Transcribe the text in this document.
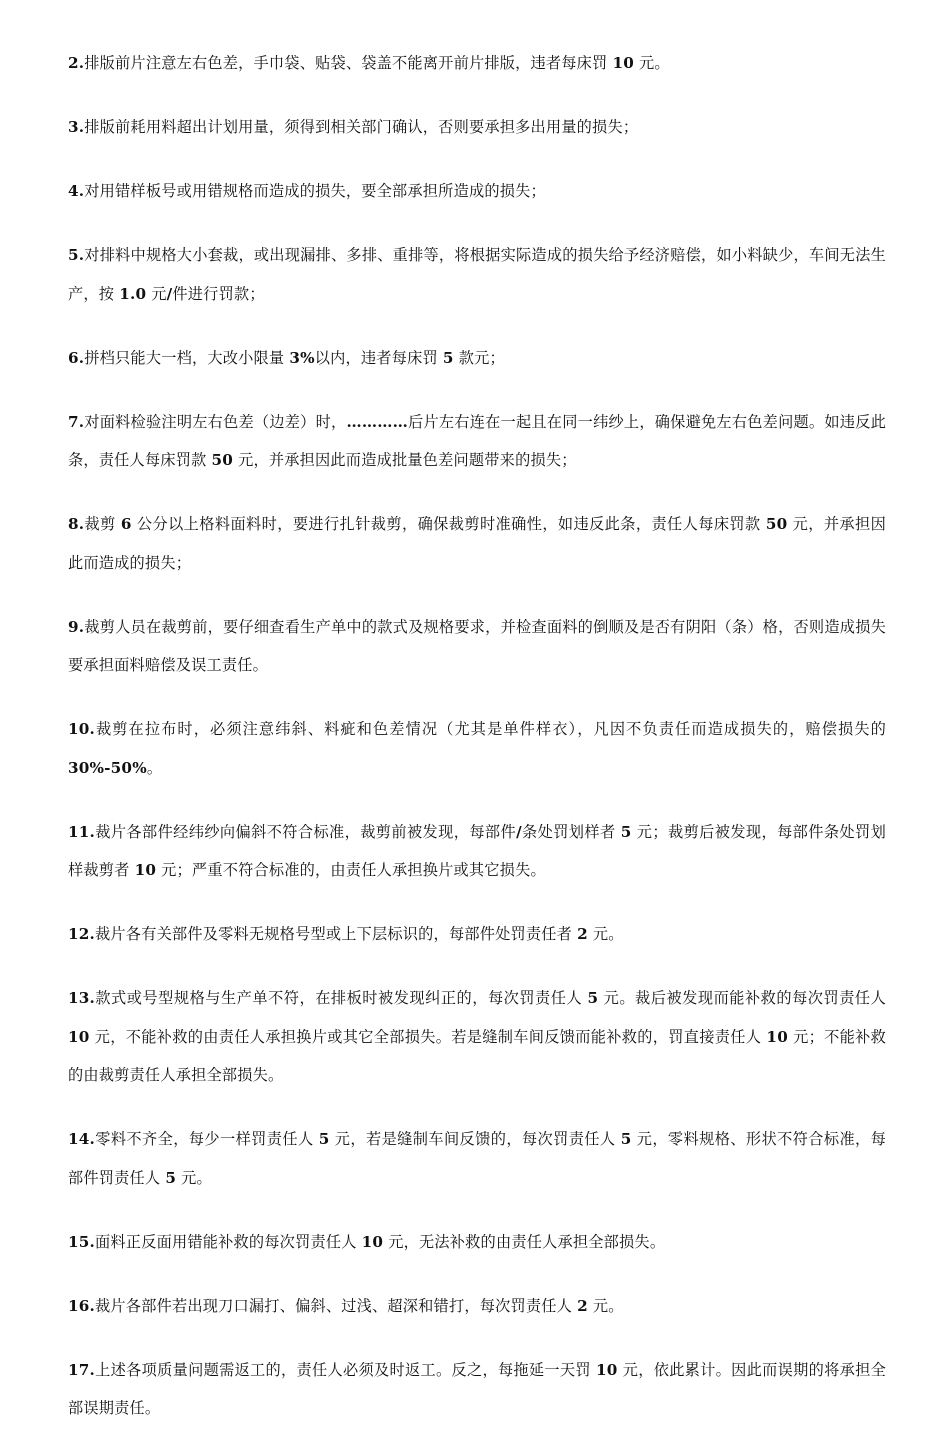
2.排版前片注意左右色差，手巾袋、贴袋、袋盖不能离开前片排版，违者每床罚 10 元。

3.排版前耗用料超出计划用量，须得到相关部门确认，否则要承担多出用量的损失；

4.对用错样板号或用错规格而造成的损失，要全部承担所造成的损失；

5.对排料中规格大小套裁，或出现漏排、多排、重排等，将根据实际造成的损失给予经济赔偿，如小料缺少，车间无法生产，按 1.0 元/件进行罚款；

6.拼档只能大一档，大改小限量 3%以内，违者每床罚 5 款元；

7.对面料检验注明左右色差（边差）时，…………后片左右连在一起且在同一纬纱上，确保避免左右色差问题。如违反此条，责任人每床罚款 50 元，并承担因此而造成批量色差问题带来的损失；

8.裁剪 6 公分以上格料面料时，要进行扎针裁剪，确保裁剪时准确性，如违反此条，责任人每床罚款 50 元，并承担因此而造成的损失；

9.裁剪人员在裁剪前，要仔细查看生产单中的款式及规格要求，并检查面料的倒顺及是否有阴阳（条）格，否则造成损失要承担面料赔偿及误工责任。

10.裁剪在拉布时，必须注意纬斜、料疵和色差情况（尤其是单件样衣），凡因不负责任而造成损失的，赔偿损失的 30%-50%。

11.裁片各部件经纬纱向偏斜不符合标准，裁剪前被发现，每部件/条处罚划样者 5 元；裁剪后被发现，每部件条处罚划样裁剪者 10 元；严重不符合标准的，由责任人承担换片或其它损失。

12.裁片各有关部件及零料无规格号型或上下层标识的，每部件处罚责任者 2 元。

13.款式或号型规格与生产单不符，在排板时被发现纠正的，每次罚责任人 5 元。裁后被发现而能补救的每次罚责任人 10 元，不能补救的由责任人承担换片或其它全部损失。若是缝制车间反馈而能补救的，罚直接责任人 10 元；不能补救的由裁剪责任人承担全部损失。

14.零料不齐全，每少一样罚责任人 5 元，若是缝制车间反馈的，每次罚责任人 5 元，零料规格、形状不符合标准，每部件罚责任人 5 元。

15.面料正反面用错能补救的每次罚责任人 10 元，无法补救的由责任人承担全部损失。

16.裁片各部件若出现刀口漏打、偏斜、过浅、超深和错打，每次罚责任人 2 元。

17.上述各项质量问题需返工的，责任人必须及时返工。反之，每拖延一天罚 10 元，依此累计。因此而误期的将承担全部误期责任。
